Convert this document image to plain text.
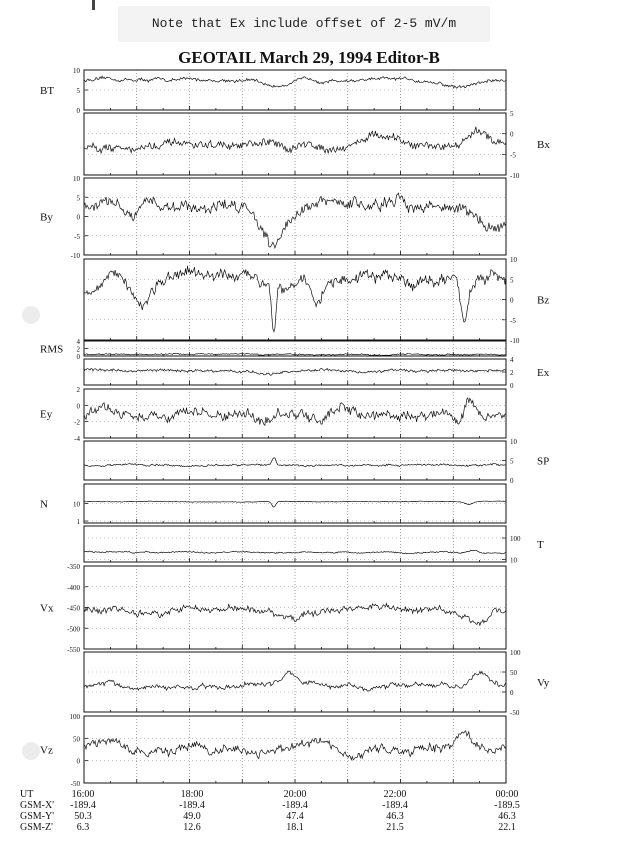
Note that Ex include offset of 2-5 mV/m
GEOTAIL March 29, 1994 Editor-B
0
5
10
BT
5
0
-5
-10
Bx
10
5
0
-5
-10
By
10
5
0
-5
-10
Bz
4
2
0
RMS
4
2
0
Ex
2
0
-2
-4
Ey
10
5
0
SP
10
1
N
100
10
T
-350
-400
-450
-500
-550
Vx
100
50
0
-50
Vy
100
50
0
-50
Vz
UT
GSM-X'
GSM-Y'
GSM-Z'
16:00
-189.4
50.3
6.3
18:00
-189.4
49.0
12.6
20:00
-189.4
47.4
18.1
22:00
-189.4
46.3
21.5
00:00
-189.5
46.3
22.1
